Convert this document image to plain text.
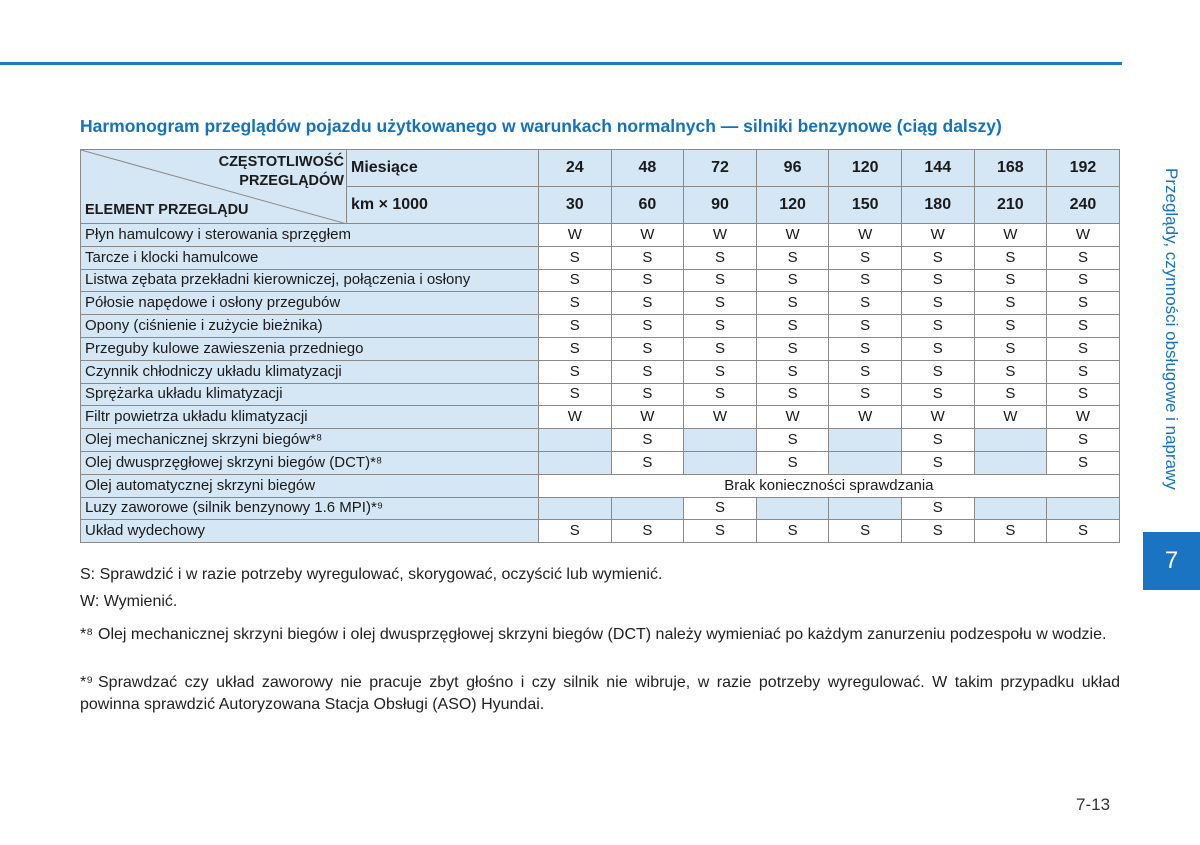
Harmonogram przeglądów pojazdu użytkowanego w warunkach normalnych — silniki benzynowe (ciąg dalszy)
CZĘSTOTLIWOŚĆ
PRZEGLĄDÓW
ELEMENT PRZEGLĄDU	Miesiące	24	48	72	96	120	144	168	192
	km × 1000	30	60	90	120	150	180	210	240
Płyn hamulcowy i sterowania sprzęgłem		W	W	W	W	W	W	W	W
Tarcze i klocki hamulcowe		S	S	S	S	S	S	S	S
Listwa zębata przekładni kierowniczej, połączenia i osłony		S	S	S	S	S	S	S	S
Półosie napędowe i osłony przegubów		S	S	S	S	S	S	S	S
Opony (ciśnienie i zużycie bieżnika)		S	S	S	S	S	S	S	S
Przeguby kulowe zawieszenia przedniego		S	S	S	S	S	S	S	S
Czynnik chłodniczy układu klimatyzacji		S	S	S	S	S	S	S	S
Sprężarka układu klimatyzacji		S	S	S	S	S	S	S	S
Filtr powietrza układu klimatyzacji		W	W	W	W	W	W	W	W
Olej mechanicznej skrzyni biegów*⁸			S		S		S		S
Olej dwusprzęgłowej skrzyni biegów (DCT)*⁸			S		S		S		S
Olej automatycznej skrzyni biegów		Brak konieczności sprawdzania							
Luzy zaworowe (silnik benzynowy 1.6 MPI)*⁹				S			S		
Układ wydechowy		S	S	S	S	S	S	S	S
S: Sprawdzić i w razie potrzeby wyregulować, skorygować, oczyścić lub wymienić.
W: Wymienić.
*⁸ Olej mechanicznej skrzyni biegów i olej dwusprzęgłowej skrzyni biegów (DCT) należy wymieniać po każdym zanurzeniu podzespołu w wodzie.
*⁹ Sprawdzać czy układ zaworowy nie pracuje zbyt głośno i czy silnik nie wibruje, w razie potrzeby wyregulować. W takim przypadku układ powinna sprawdzić Autoryzowana Stacja Obsługi (ASO) Hyundai.
Przeglądy, czynności obsługowe i naprawy
7
7-13
